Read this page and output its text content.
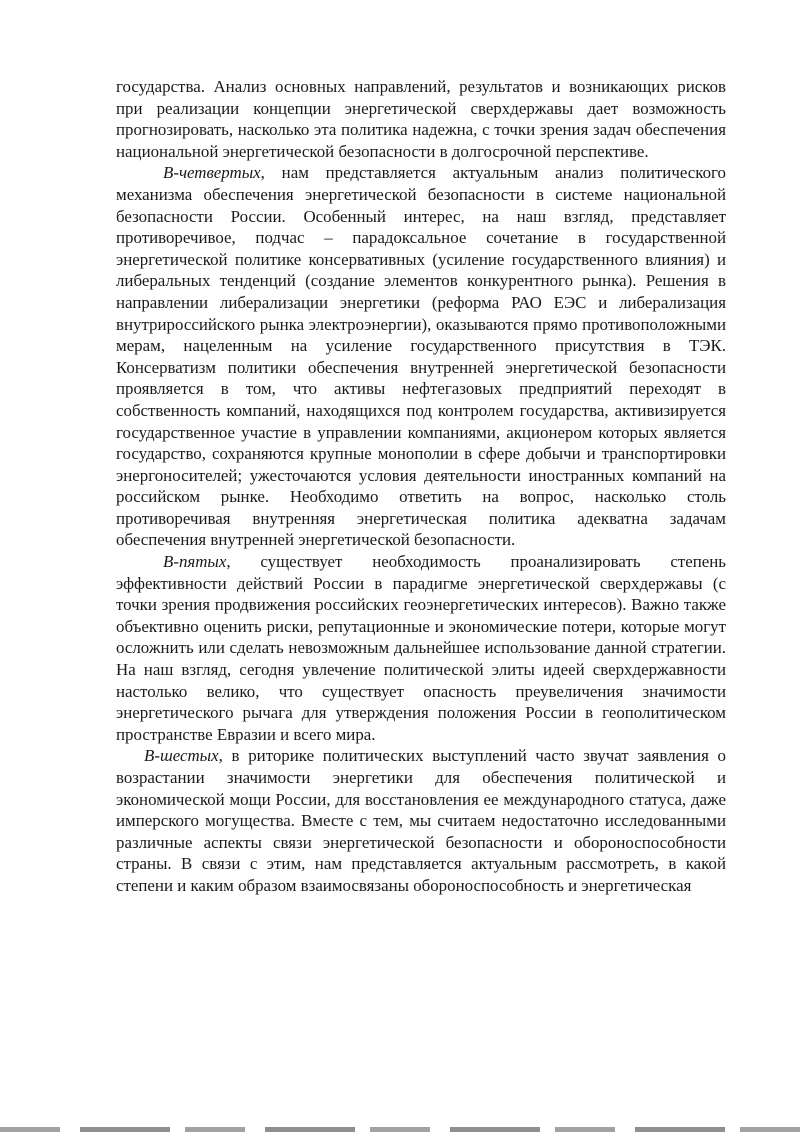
государства. Анализ основных направлений, результатов и возникающих рисков при реализации концепции энергетической сверхдержавы дает возможность прогнозировать, насколько эта политика надежна, с точки зрения задач обеспечения национальной энергетической безопасности в долгосрочной перспективе.

В-четвертых, нам представляется актуальным анализ политического механизма обеспечения энергетической безопасности в системе национальной безопасности России. Особенный интерес, на наш взгляд, представляет противоречивое, подчас – парадоксальное сочетание в государственной энергетической политике консервативных (усиление государственного влияния) и либеральных тенденций (создание элементов конкурентного рынка). Решения в направлении либерализации энергетики (реформа РАО ЕЭС и либерализация внутрироссийского рынка электроэнергии), оказываются прямо противоположными мерам, нацеленным на усиление государственного присутствия в ТЭК. Консерватизм политики обеспечения внутренней энергетической безопасности проявляется в том, что активы нефтегазовых предприятий переходят в собственность компаний, находящихся под контролем государства, активизируется государственное участие в управлении компаниями, акционером которых является государство, сохраняются крупные монополии в сфере добычи и транспортировки энергоносителей; ужесточаются условия деятельности иностранных компаний на российском рынке. Необходимо ответить на вопрос, насколько столь противоречивая внутренняя энергетическая политика адекватна задачам обеспечения внутренней энергетической безопасности.

В-пятых, существует необходимость проанализировать степень эффективности действий России в парадигме энергетической сверхдержавы (с точки зрения продвижения российских геоэнергетических интересов). Важно также объективно оценить риски, репутационные и экономические потери, которые могут осложнить или сделать невозможным дальнейшее использование данной стратегии. На наш взгляд, сегодня увлечение политической элиты идеей сверхдержавности настолько велико, что существует опасность преувеличения значимости энергетического рычага для утверждения положения России в геополитическом пространстве Евразии и всего мира.

В-шестых, в риторике политических выступлений часто звучат заявления о возрастании значимости энергетики для обеспечения политической и экономической мощи России, для восстановления ее международного статуса, даже имперского могущества. Вместе с тем, мы считаем недостаточно исследованными различные аспекты связи энергетической безопасности и обороноспособности страны. В связи с этим, нам представляется актуальным рассмотреть, в какой степени и каким образом взаимосвязаны обороноспособность и энергетическая
